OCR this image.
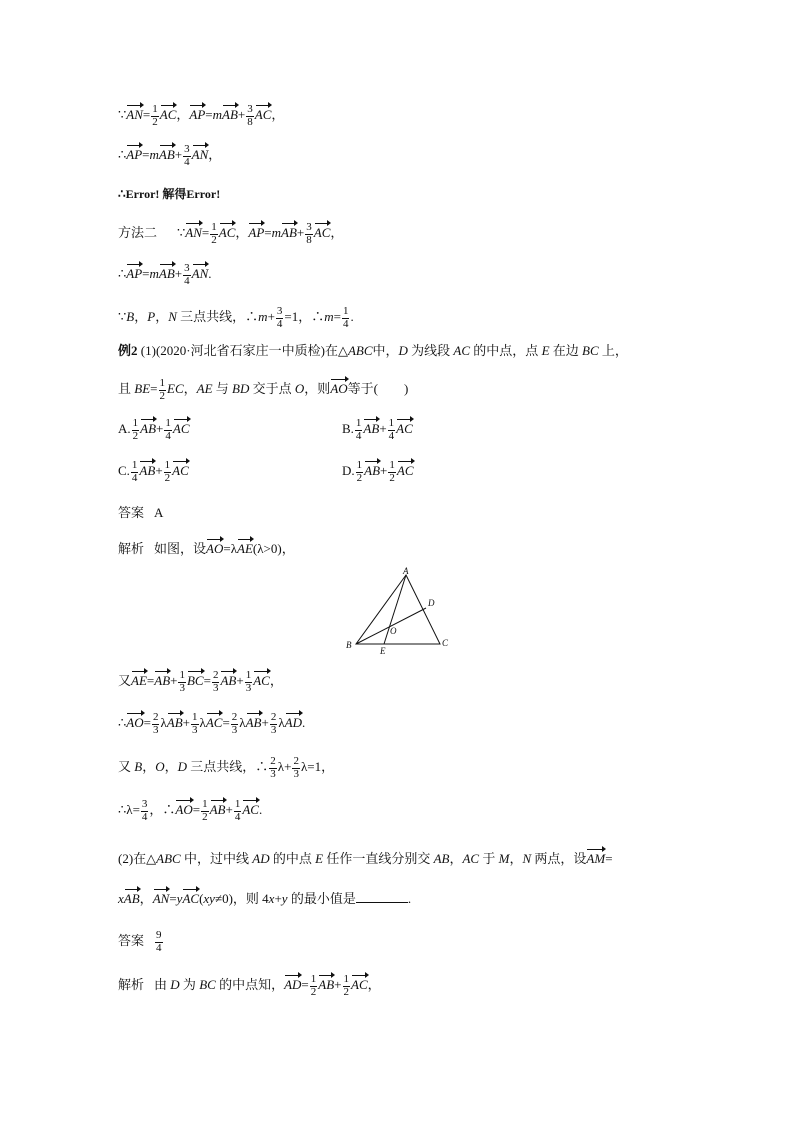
∵AN= $\frac{1}{2}$ AC，$AP=mAB+ \frac{3}{8}$ AC，
∴AP=mAB+ $\frac{3}{4}$ AN，
∴Error! 解得Error!
方法二 ∵AN= $\frac{1}{2}$ AC，$AP=mAB+ \frac{3}{8}$ AC，
∴AP=mAB+ $\frac{3}{4}$ AN.
∵B，P，N 三点共线，∴m+ $\frac{3}{4} =1$，∴m= $\frac{1}{4}$ .
例2 (1)(2020·河北省石家庄一中质检)在△ABC中，D 为线段 AC 的中点，点 E 在边 BC 上，
且 $BE= \frac{1}{2}$ EC，AE 与 BD 交于点 O，则AO等于( )
A. $\frac{1}{2} AB+ \frac{1}{4}$ AC	B. $\frac{1}{4} AB+ \frac{1}{4}$ AC
C. $\frac{1}{4} AB+ \frac{1}{2}$ AC	D. $\frac{1}{2} AB+ \frac{1}{2}$ AC
答案 A
解析 如图，设AO=λAE(λ>0)，
A
B	C
D
E
O
又$AE=AB+ \frac{1}{3} BC= \frac{2}{3} AB+ \frac{1}{3}$ AC，
∴AO= $\frac{2}{3} \lambda AB+ \frac{1}{3} \lambda AC= \frac{2}{3} \lambda AB+ \frac{2}{3} \lambda AD$.
又 B，O，D 三点共线，∴ $\frac{2}{3} \lambda+ \frac{2}{3} \lambda=1$，
∴λ= $\frac{3}{4}$ ，∴AO= $\frac{1}{2} AB+ \frac{1}{4}$ AC.
(2)在△ABC 中，过中线 AD 的中点 E 任作一直线分别交 AB，AC 于 M，N 两点，设AM=
xAB，AN=yAC(xy≠0)，则 4x+y 的最小值是	.
答案 $\frac{9}{4}$
解析 由 D 为 BC 的中点知，$AD= \frac{1}{2} AB+ \frac{1}{2}$ AC，
